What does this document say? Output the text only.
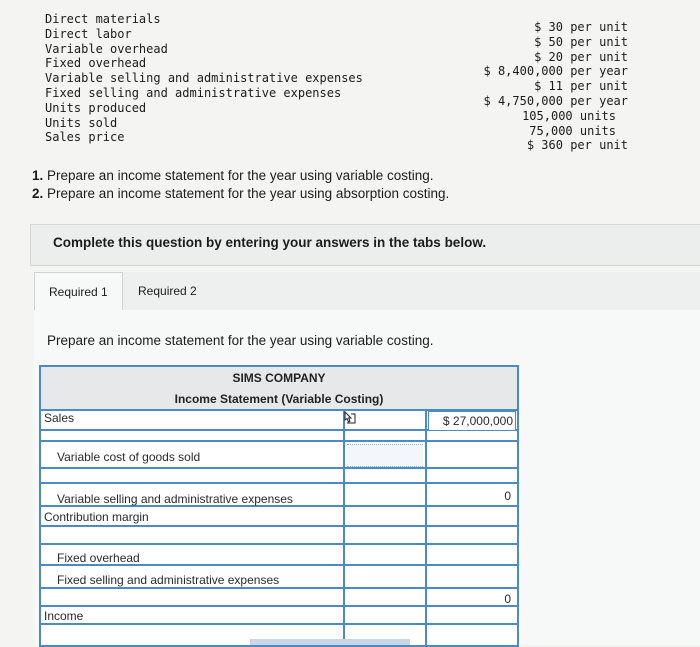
Direct materials
Direct labor
Variable overhead
Fixed overhead
Variable selling and administrative expenses
Fixed selling and administrative expenses
Units produced
Units sold
Sales price
$ 30 per unit
$ 50 per unit
$ 20 per unit
$ 8,400,000 per year
$ 11 per unit
$ 4,750,000 per year
105,000 units
75,000 units
$ 360 per unit
1. Prepare an income statement for the year using variable costing.
2. Prepare an income statement for the year using absorption costing.
Complete this question by entering your answers in the tabs below.
Required 1	Required 2
Prepare an income statement for the year using variable costing.
SIMS COMPANY
Income Statement (Variable Costing)
Sales
Variable cost of goods sold
Variable selling and administrative expenses
Contribution margin
Fixed overhead
Fixed selling and administrative expenses
Income
$ 27,000,000
0
0
